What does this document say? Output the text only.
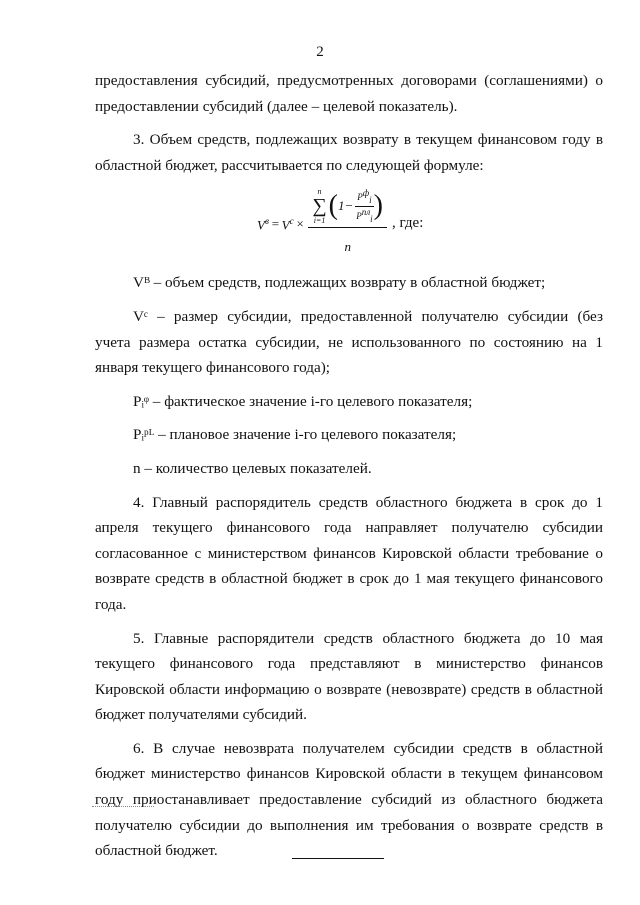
2

предоставления субсидий, предусмотренных договорами (соглашениями) о предоставлении субсидий (далее – целевой показатель).

3. Объем средств, подлежащих возврату в текущем финансовом году в областной бюджет, рассчитывается по следующей формуле:

$V^в = V^c$ ×
n
∑
i=1 ( $1- \frac{P^ф_i}{P^{пл}_i}$ )
n
, где:

Vᴮ – объем средств, подлежащих возврату в областной бюджет;

Vᶜ – размер субсидии, предоставленной получателю субсидии (без учета размера остатка субсидии, не использованного по состоянию на 1 января текущего финансового года);

Pᵢᵠ – фактическое значение i-го целевого показателя;

Pᵢᵖᴸ – плановое значение i-го целевого показателя;

n – количество целевых показателей.

4. Главный распорядитель средств областного бюджета в срок до 1 апреля текущего финансового года направляет получателю субсидии согласованное с министерством финансов Кировской области требование о возврате средств в областной бюджет в срок до 1 мая текущего финансового года.

5. Главные распорядители средств областного бюджета до 10 мая текущего финансового года представляют в министерство финансов Кировской области информацию о возврате (невозврате) средств в областной бюджет получателями субсидий.

6. В случае невозврата получателем субсидии средств в областной бюджет министерство финансов Кировской области в текущем финансовом году приостанавливает предоставление субсидий из областного бюджета получателю субсидии до выполнения им требования о возврате средств в областной бюджет.
